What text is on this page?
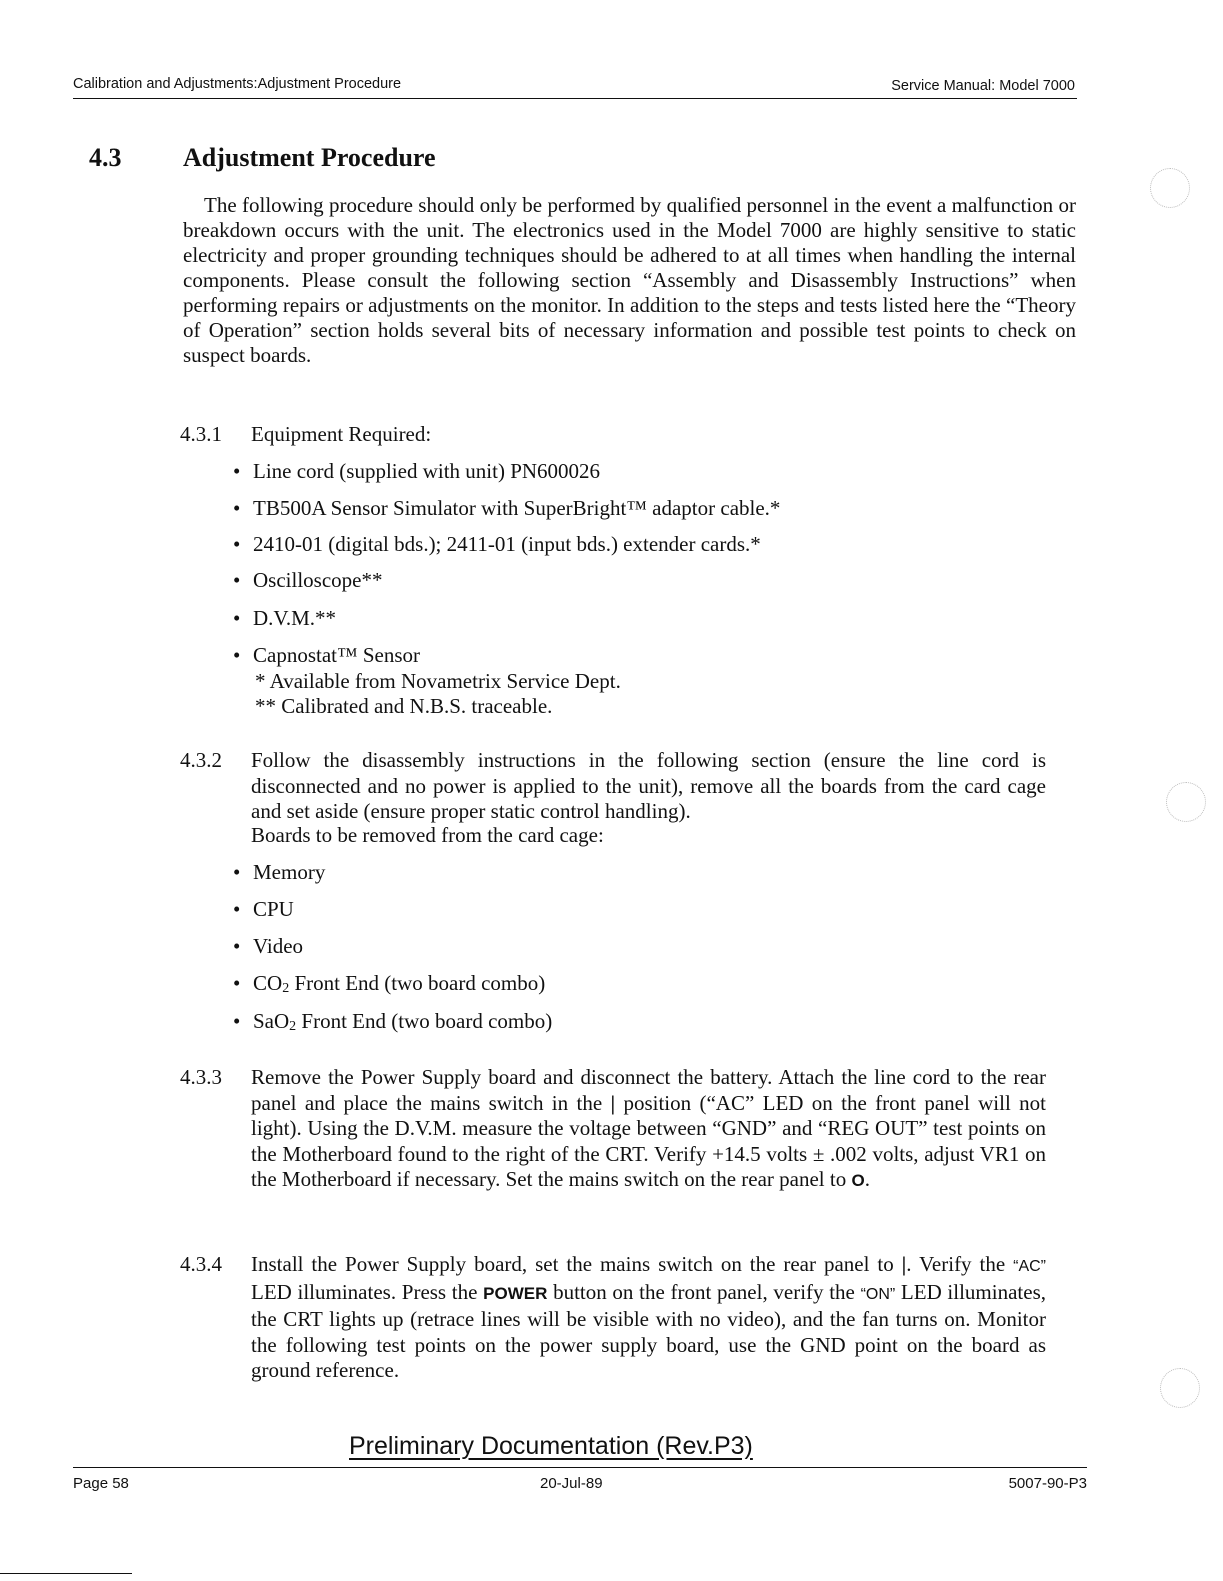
Calibration and Adjustments:Adjustment Procedure	Service Manual: Model 7000
4.3 Adjustment Procedure

The following procedure should only be performed by qualified personnel in the event a malfunction or breakdown occurs with the unit. The electronics used in the Model 7000 are highly sensitive to static electricity and proper grounding techniques should be adhered to at all times when handling the internal components. Please consult the following section “Assembly and Disassembly Instructions” when performing repairs or adjustments on the monitor. In addition to the steps and tests listed here the “Theory of Operation” section holds several bits of necessary information and possible test points to check on suspect boards.

4.3.1 Equipment Required:
• Line cord (supplied with unit) PN600026
• TB500A Sensor Simulator with SuperBright™ adaptor cable.*
• 2410-01 (digital bds.); 2411-01 (input bds.) extender cards.*
• Oscilloscope**
• D.V.M.**
• Capnostat™ Sensor
* Available from Novametrix Service Dept.
** Calibrated and N.B.S. traceable.
4.3.2 Follow the disassembly instructions in the following section (ensure the line cord is disconnected and no power is applied to the unit), remove all the boards from the card cage and set aside (ensure proper static control handling).

Boards to be removed from the card cage:
• Memory
• CPU
• Video
• CO2 Front End (two board combo)
• SaO2 Front End (two board combo)
4.3.3 Remove the Power Supply board and disconnect the battery. Attach the line cord to the rear panel and place the mains switch in the | position (“AC” LED on the front panel will not light). Using the D.V.M. measure the voltage between “GND” and “REG OUT” test points on the Motherboard found to the right of the CRT. Verify +14.5 volts ± .002 volts, adjust VR1 on the Motherboard if necessary. Set the mains switch on the rear panel to O.

4.3.4 Install the Power Supply board, set the mains switch on the rear panel to |. Verify the “AC” LED illuminates. Press the POWER button on the front panel, verify the “ON” LED illuminates, the CRT lights up (retrace lines will be visible with no video), and the fan turns on. Monitor the following test points on the power supply board, use the GND point on the board as ground reference.

Preliminary Documentation (Rev.P3)
Page 58	20-Jul-89	5007-90-P3
